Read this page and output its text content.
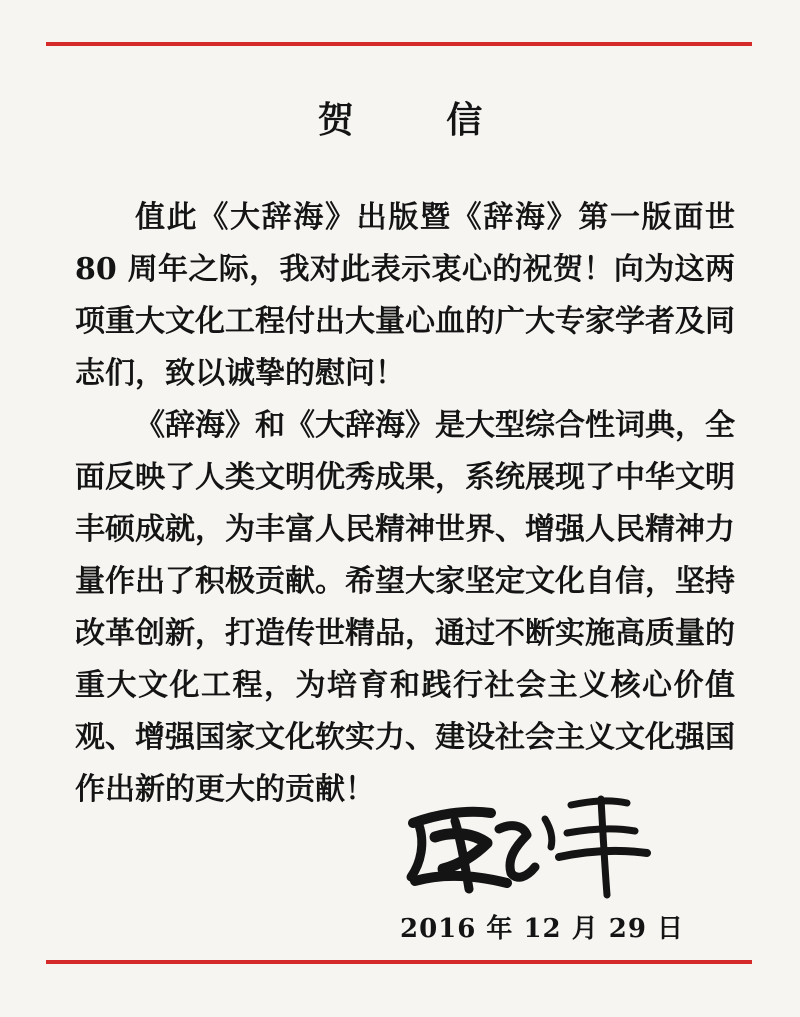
贺 信

值此《大辞海》出版暨《辞海》第一版面世 80 周年之际，我对此表示衷心的祝贺！向为这两项重大文化工程付出大量心血的广大专家学者及同志们，致以诚挚的慰问！

《辞海》和《大辞海》是大型综合性词典，全面反映了人类文明优秀成果，系统展现了中华文明丰硕成就，为丰富人民精神世界、增强人民精神力量作出了积极贡献。希望大家坚定文化自信，坚持改革创新，打造传世精品，通过不断实施高质量的重大文化工程，为培育和践行社会主义核心价值观、增强国家文化软实力、建设社会主义文化强国作出新的更大的贡献！

2016 年 12 月 29 日
